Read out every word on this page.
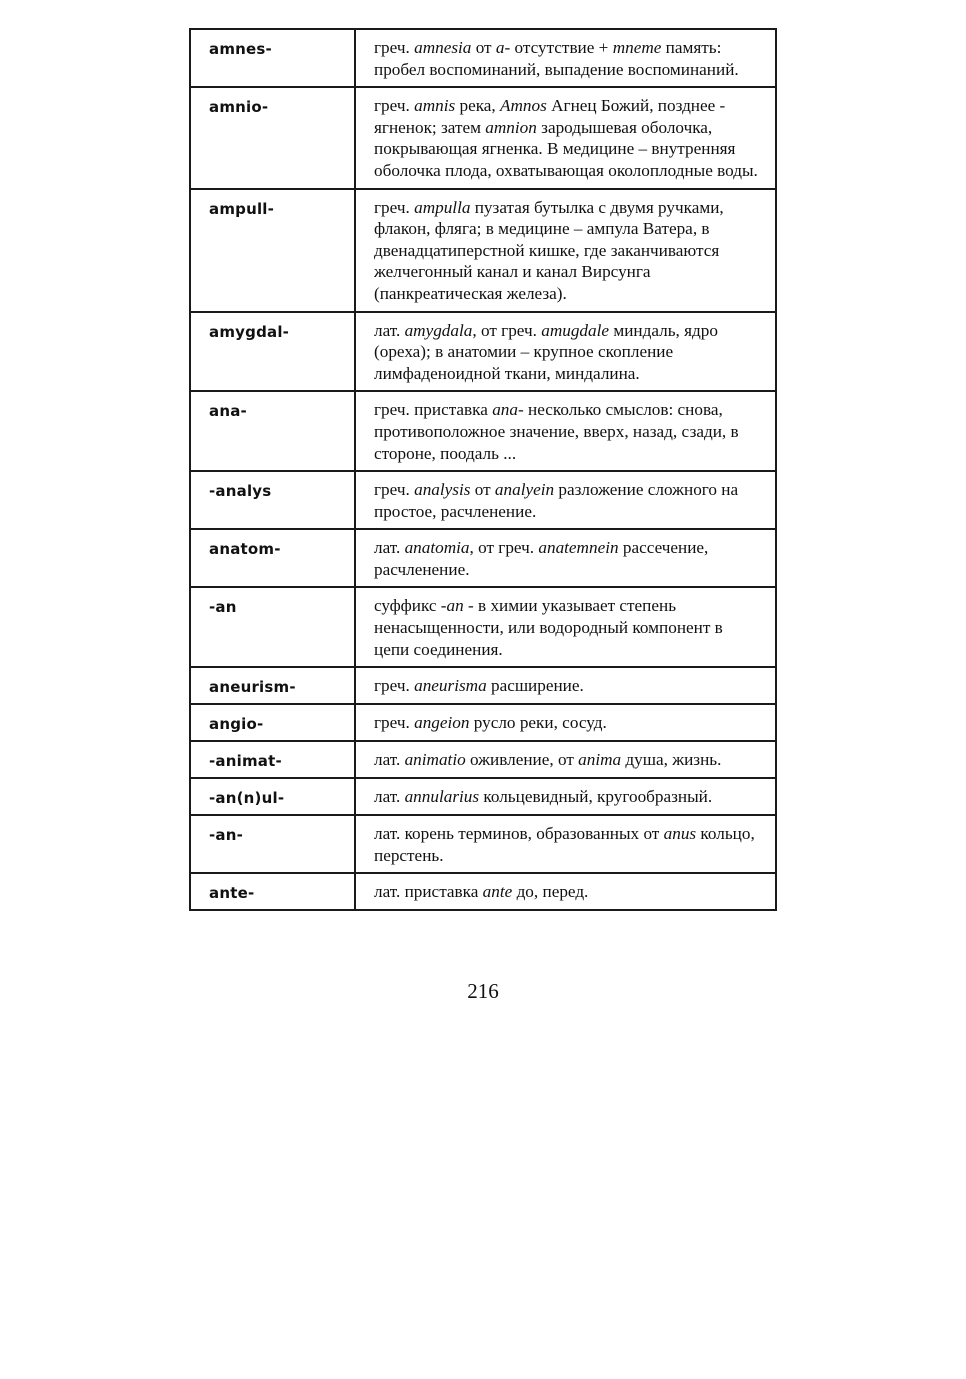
amnes-	греч. amnesia от a- отсутствие + mneme память: пробел воспоминаний, выпадение воспоминаний.
amnio-	греч. amnis река, Amnos Агнец Божий, позднее - ягненок; затем amnion зародышевая оболочка, покрывающая ягненка. В медицине – внутренняя оболочка плода, охватывающая околоплодные воды.
ampull-	греч. ampulla пузатая бутылка с двумя ручками, флакон, фляга; в медицине – ампула Ватера, в двенадцатиперстной кишке, где заканчиваются желчегонный канал и канал Вирсунга (панкреатическая железа).
amygdal-	лат. amygdala, от греч. amugdale миндаль, ядро (ореха); в анатомии – крупное скопление лимфаденоидной ткани, миндалина.
ana-	греч. приставка ana- несколько смыслов: снова, противоположное значение, вверх, назад, сзади, в стороне, поодаль ...
-analys	греч. analysis от analyein разложение сложного на простое, расчленение.
anatom-	лат. anatomia, от греч. anatemnein рассечение, расчленение.
-an	суффикс -an - в химии указывает степень ненасыщенности, или водородный компонент в цепи соединения.
aneurism-	греч. aneurisma расширение.
angio-	греч. angeion русло реки, сосуд.
-animat-	лат. animatio оживление, от anima душа, жизнь.
-an(n)ul-	лат. annularius кольцевидный, кругообразный.
-an-	лат. корень терминов, образованных от anus кольцо, перстень.
ante-	лат. приставка ante до, перед.
216
